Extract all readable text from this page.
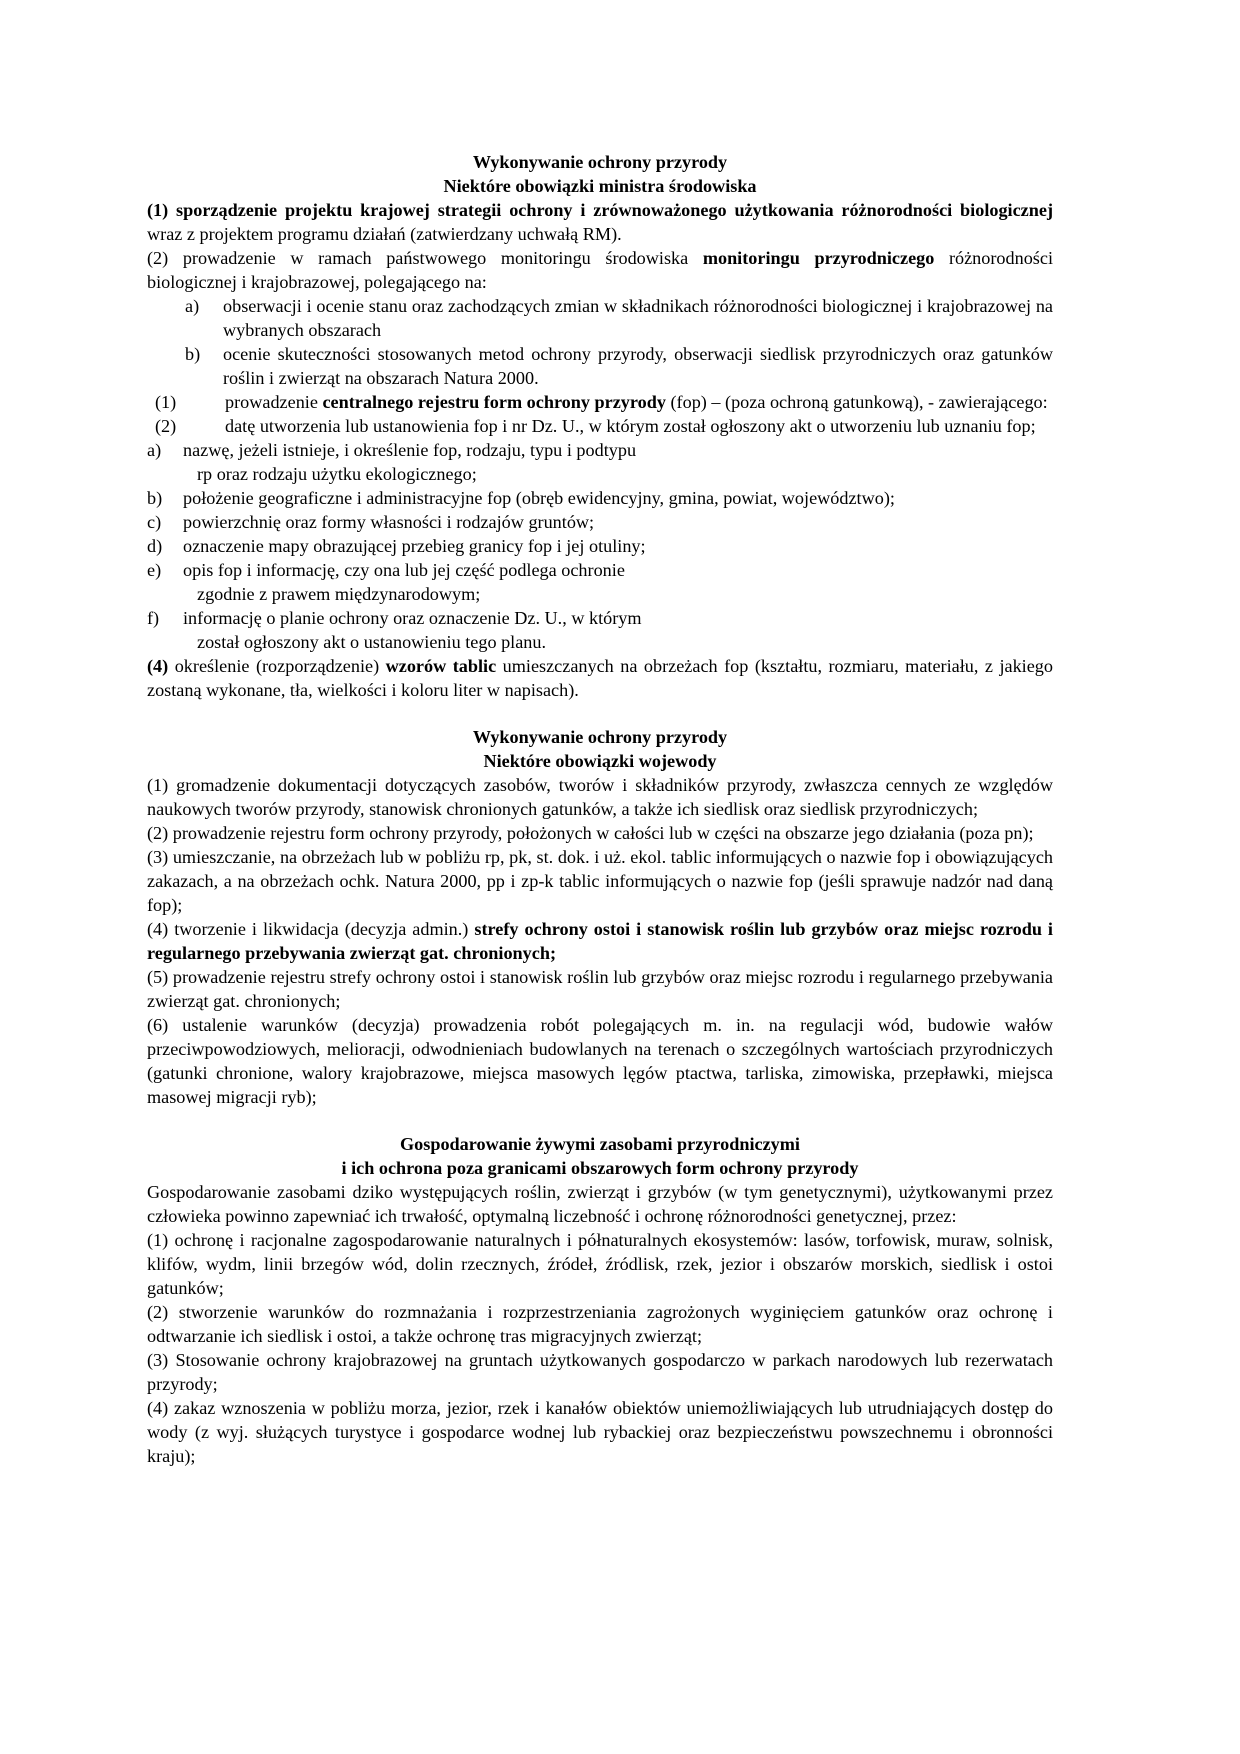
Wykonywanie ochrony przyrody
Niektóre obowiązki ministra środowiska
(1) sporządzenie projektu krajowej strategii ochrony i zrównoważonego użytkowania różnorodności biologicznej wraz z projektem programu działań (zatwierdzany uchwałą RM).
(2) prowadzenie w ramach państwowego monitoringu środowiska monitoringu przyrodniczego różnorodności biologicznej i krajobrazowej, polegającego na:
a)	obserwacji i ocenie stanu oraz zachodzących zmian w składnikach różnorodności biologicznej i krajobrazowej na wybranych obszarach
b)	ocenie skuteczności stosowanych metod ochrony przyrody, obserwacji siedlisk przyrodniczych oraz gatunków roślin i zwierząt na obszarach Natura 2000.
(1)	prowadzenie centralnego rejestru form ochrony przyrody (fop) – (poza ochroną gatunkową), - zawierającego:
(2)	datę utworzenia lub ustanowienia fop i nr Dz. U., w którym został ogłoszony akt o utworzeniu lub uznaniu fop;
a)	nazwę, jeżeli istnieje, i określenie fop, rodzaju, typu i podtypu
rp oraz rodzaju użytku ekologicznego;
b)	położenie geograficzne i administracyjne fop (obręb ewidencyjny, gmina, powiat, województwo);
c)	powierzchnię oraz formy własności i rodzajów gruntów;
d)	oznaczenie mapy obrazującej przebieg granicy fop i jej otuliny;
e)	opis fop i informację, czy ona lub jej część podlega ochronie
zgodnie z prawem międzynarodowym;
f)	informację o planie ochrony oraz oznaczenie Dz. U., w którym
został ogłoszony akt o ustanowieniu tego planu.
(4) określenie (rozporządzenie) wzorów tablic umieszczanych na obrzeżach fop (kształtu, rozmiaru, materiału, z jakiego zostaną wykonane, tła, wielkości i koloru liter w napisach).
Wykonywanie ochrony przyrody
Niektóre obowiązki wojewody
(1) gromadzenie dokumentacji dotyczących zasobów, tworów i składników przyrody, zwłaszcza cennych ze względów naukowych tworów przyrody, stanowisk chronionych gatunków, a także ich siedlisk oraz siedlisk przyrodniczych;
(2) prowadzenie rejestru form ochrony przyrody, położonych w całości lub w części na obszarze jego działania (poza pn);
(3) umieszczanie, na obrzeżach lub w pobliżu rp, pk, st. dok. i uż. ekol. tablic informujących o nazwie fop i obowiązujących zakazach, a na obrzeżach ochk. Natura 2000, pp i zp-k tablic informujących o nazwie fop (jeśli sprawuje nadzór nad daną fop);
(4) tworzenie i likwidacja (decyzja admin.) strefy ochrony ostoi i stanowisk roślin lub grzybów oraz miejsc rozrodu i regularnego przebywania zwierząt gat. chronionych;
(5) prowadzenie rejestru strefy ochrony ostoi i stanowisk roślin lub grzybów oraz miejsc rozrodu i regularnego przebywania zwierząt gat. chronionych;
(6) ustalenie warunków (decyzja) prowadzenia robót polegających m. in. na regulacji wód, budowie wałów przeciwpowodziowych, melioracji, odwodnieniach budowlanych na terenach o szczególnych wartościach przyrodniczych (gatunki chronione, walory krajobrazowe, miejsca masowych lęgów ptactwa, tarliska, zimowiska, przepławki, miejsca masowej migracji ryb);
Gospodarowanie żywymi zasobami przyrodniczymi
i ich ochrona poza granicami obszarowych form ochrony przyrody
Gospodarowanie zasobami dziko występujących roślin, zwierząt i grzybów (w tym genetycznymi), użytkowanymi przez człowieka powinno zapewniać ich trwałość, optymalną liczebność i ochronę różnorodności genetycznej, przez:
(1) ochronę i racjonalne zagospodarowanie naturalnych i półnaturalnych ekosystemów: lasów, torfowisk, muraw, solnisk, klifów, wydm, linii brzegów wód, dolin rzecznych, źródeł, źródlisk, rzek, jezior i obszarów morskich, siedlisk i ostoi gatunków;
(2) stworzenie warunków do rozmnażania i rozprzestrzeniania zagrożonych wyginięciem gatunków oraz ochronę i odtwarzanie ich siedlisk i ostoi, a także ochronę tras migracyjnych zwierząt;
(3) Stosowanie ochrony krajobrazowej na gruntach użytkowanych gospodarczo w parkach narodowych lub rezerwatach przyrody;
(4) zakaz wznoszenia w pobliżu morza, jezior, rzek i kanałów obiektów uniemożliwiających lub utrudniających dostęp do wody (z wyj. służących turystyce i gospodarce wodnej lub rybackiej oraz bezpieczeństwu powszechnemu i obronności kraju);
